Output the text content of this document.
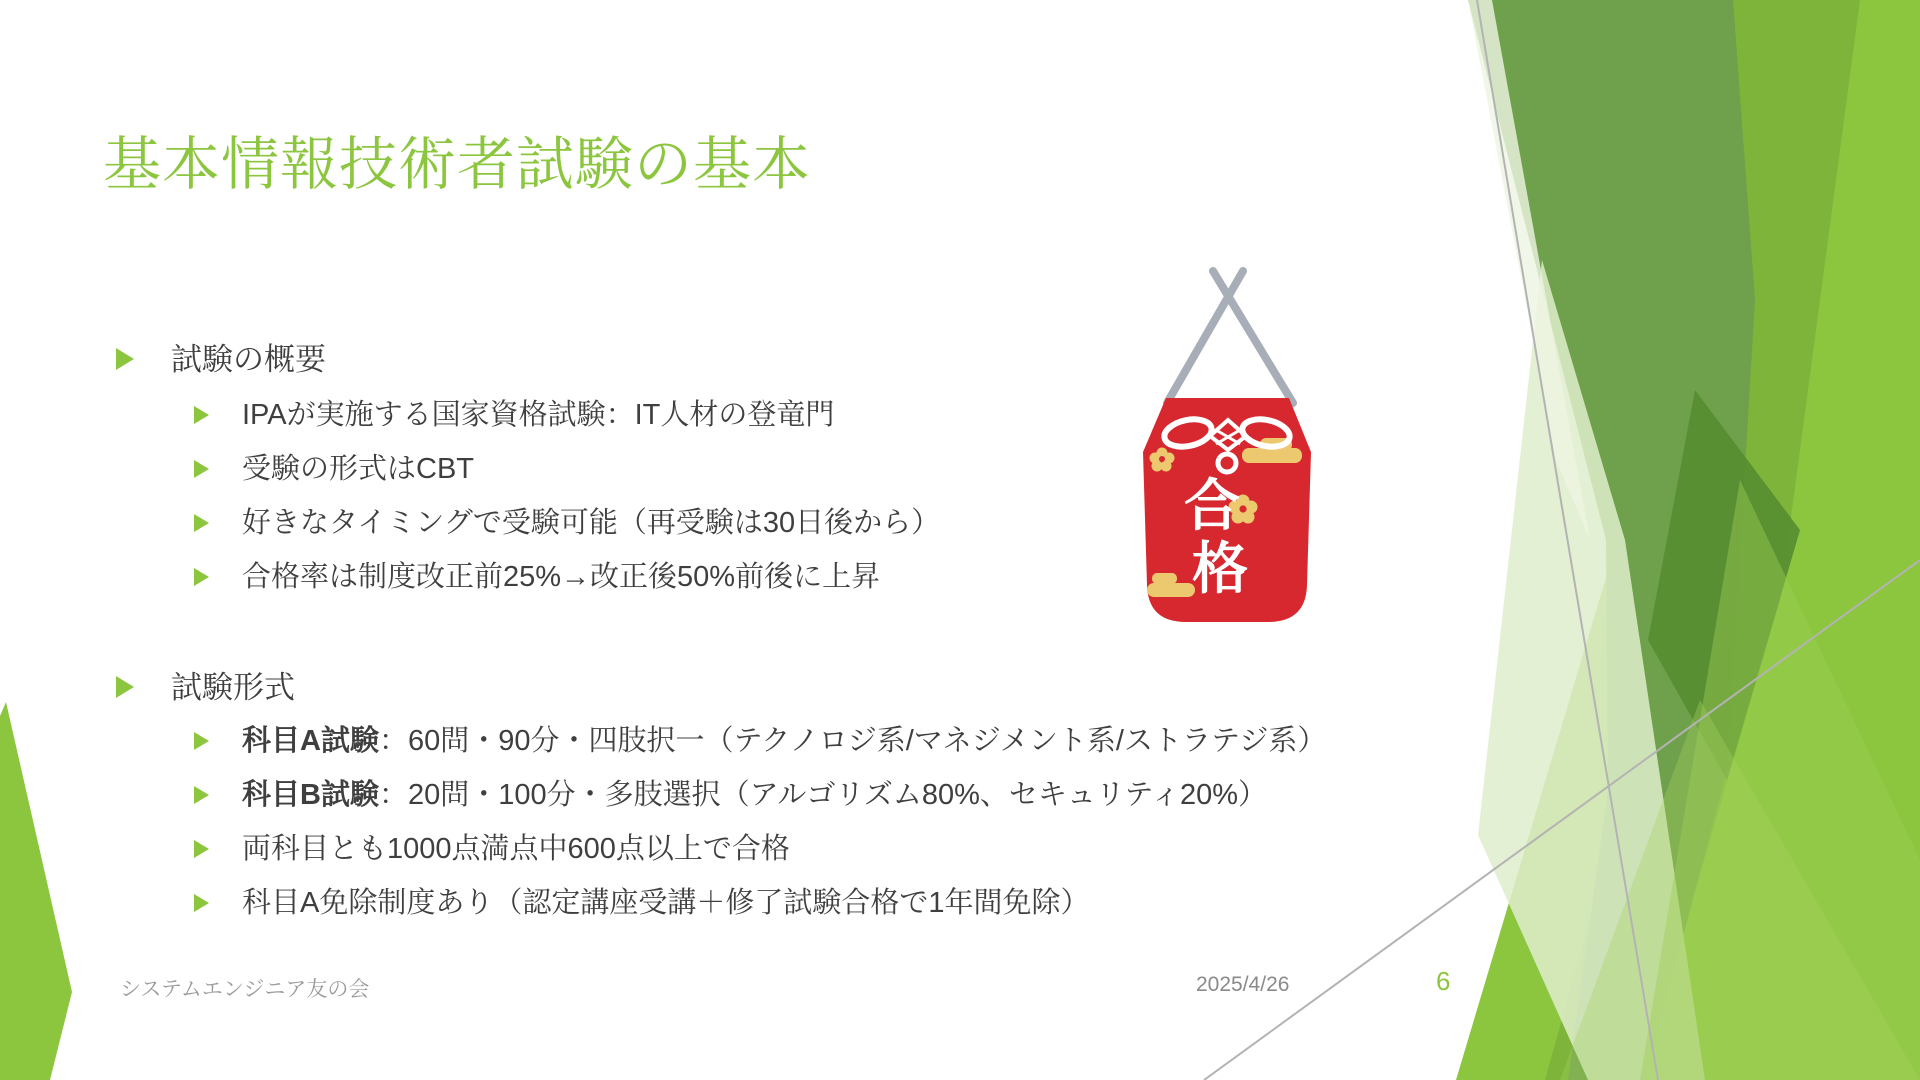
基本情報技術者試験の基本
試験の概要
IPAが実施する国家資格試験：IT人材の登竜門
受験の形式はCBT
好きなタイミングで受験可能（再受験は30日後から）
合格率は制度改正前25%→改正後50%前後に上昇
試験形式
科目A試験 ：60問・90分・四肢択一（テクノロジ系/マネジメント系/ストラテジ系）
科目B試験 ：20問・100分・多肢選択（アルゴリズム80%、セキュリティ20%）
両科目とも1000点満点中600点以上で合格
科目A免除制度あり（認定講座受講＋修了試験合格で1年間免除）
合
格
システムエンジニア友の会	2025/4/26	6
